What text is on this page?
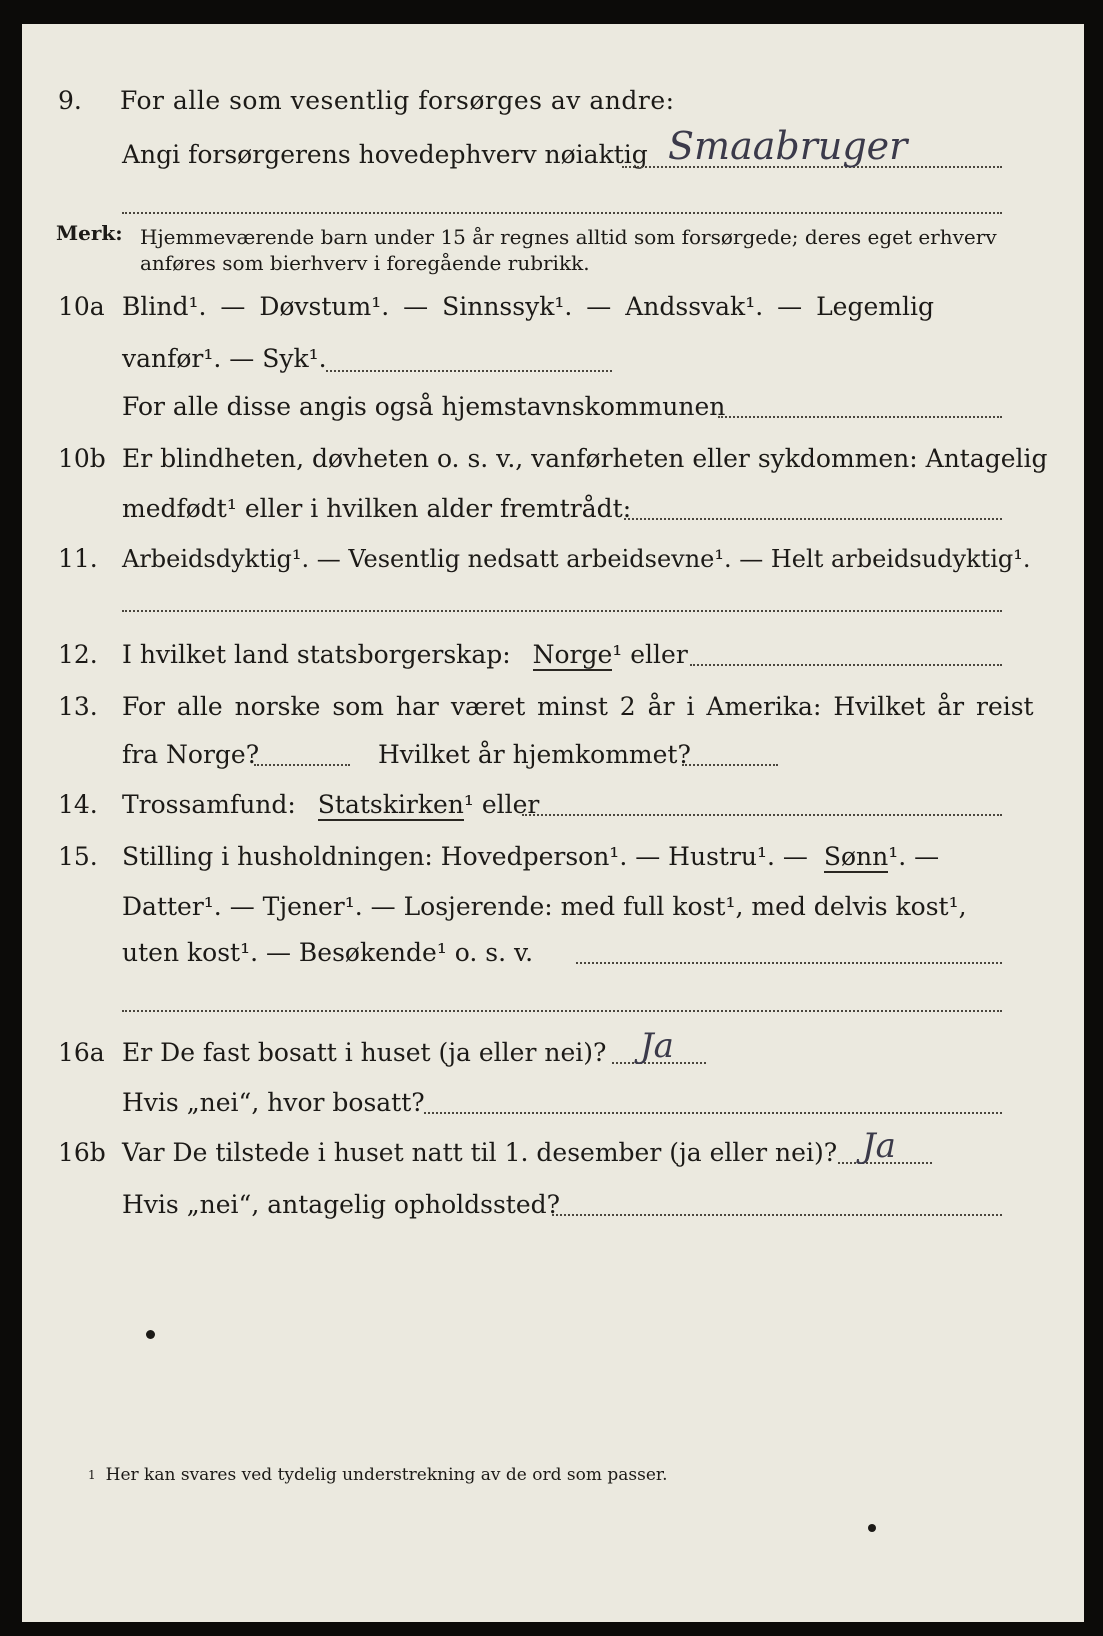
9. For alle som vesentlig forsørges av andre:
Angi forsørgerens hovedерhverv nøiaktig Smaabruger
Merk: Hjemmeværende barn under 15 år regnes alltid som forsørgede; deres eget erhverv
anføres som bierhverv i foregående rubrikk.
10a Blind¹. — Døvstum¹. — Sinnssyk¹. — Andssvak¹. — Legemlig
vanfør¹. — Syk¹.
For alle disse angis også hjemstavnskommunen
10b Er blindheten, døvheten o. s. v., vanførheten eller sykdommen: Antagelig
medfødt¹ eller i hvilken alder fremtrådt:
11. Arbeidsdyktig¹. — Vesentlig nedsatt arbeidsevne¹. — Helt arbeidsudyktig¹.
12. I hvilket land statsborgerskap: Norge¹ eller
13. For alle norske som har været minst 2 år i Amerika: Hvilket år reist
fra Norge?	Hvilket år hjemkommet?
14. Trossamfund: Statskirken¹ eller
15. Stilling i husholdningen: Hovedperson¹. — Hustru¹. — Sønn¹. —
Datter¹. — Tjener¹. — Losjerende: med full kost¹, med delvis kost¹,
uten kost¹. — Besøkende¹ o. s. v.
16a Er De fast bosatt i huset (ja eller nei)? Ja
Hvis „nei“, hvor bosatt?
16b Var De tilstede i huset natt til 1. desember (ja eller nei)? Ja
Hvis „nei“, antagelig opholdssted?
$^1$ Her kan svares ved tydelig understrekning av de ord som passer.
